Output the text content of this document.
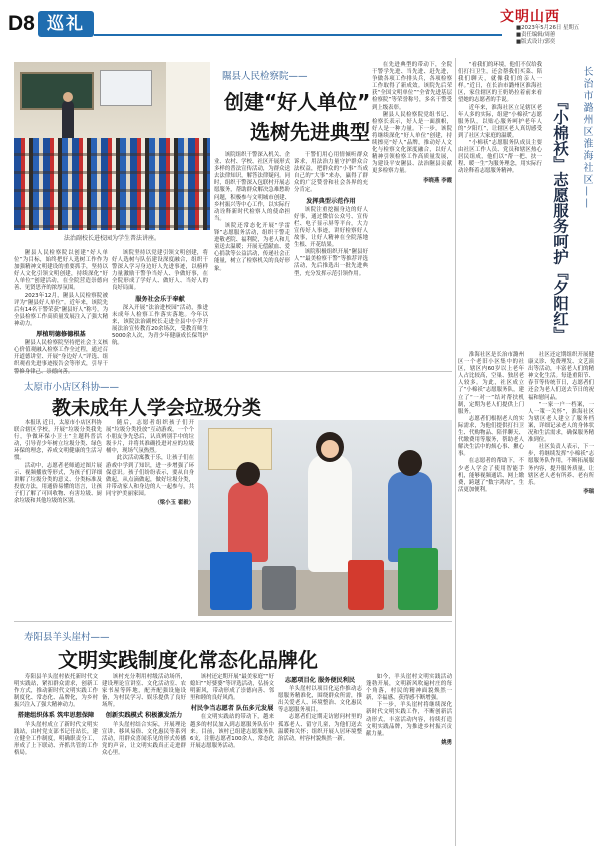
D8 巡礼	文明山西
■2023年5月26日 星期五
■责任编辑/周蕙
■版式设计/郭奕
法治副校长进校园为学生普法讲座。
隰县人民检察院——
创建“好人单位”
选树先进典型

隰县人民检察院以创建“好人单位”为目标，始终把好人选树工作作为加强精神文明建设的重要抓手，坚持以好人文化引领文明创建，持续深化“好人单位”创建活动，在全院营造崇德向善、见贤思齐的浓厚氛围。

2023年12月，隰县人民检察院被评为“隰县好人单位”。近年来，该院先后有14名干警荣获“隰县好人”称号，为全县检察工作高质量发展注入了强大精神动力。

厚植明德修德根基

隰县人民检察院坚持把社会主义核心价值观融入检察工作全过程，通过召开道德讲堂、开展“身边好人”评选、组织观看先进事迹报告会等形式，引导干警修身律己、崇德向善。

该院坚持以党建引领文明创建，将好人选树与队伍建设深度融合，组织干警深入学习身边好人先进事迹，以榜样力量激励干警争当好人、争做好事，在全院形成了学好人、做好人、当好人的良好局面。

服务社会乐于奉献

深入开展“法治进校园”活动，推进未成年人检察工作落实落地。今年以来，该院法治副校长走进全县中小学开展法治宣传教育20余场次，受教育师生5000余人次，为青少年健康成长保驾护航。

该院组织干警深入机关、企业、农村、学校、社区开展形式多样的普法宣传活动，为群众送去法律知识，解答法律疑问。同时，组织干警深入包联村开展志愿服务，帮助群众解决急难愁盼问题，积极参与文明城市创建、乡村振兴等中心工作，以实际行动诠释新时代检察人的使命担当。

该院还常态化开展“学雷锋”志愿服务活动，组织干警走进敬老院、福利院，为老人和儿童送去温暖；开展无偿献血、爱心捐款等公益活动，传递社会正能量，树立了检察机关的良好形象。

干警们用心用情倾听群众诉求，用法治力量守护群众合法权益，把群众的“小事”当成自己的“大事”来办，赢得了群众的广泛赞誉和社会各界的充分肯定。

发挥典型示范作用

该院注重挖掘身边的好人好事，通过微信公众号、宣传栏、电子显示屏等平台，大力宣传好人事迹，讲好检察好人故事，让好人精神在全院落地生根、开花结果。

该院积极组织开展“隰县好人”“最美检察干警”等推荐评选活动，先后推选出一批先进典型，充分发挥示范引领作用。

在先进典型的带动下，全院干警学先进、当先进、赶先进，争做各项工作排头兵，各项检察工作取得了新成效。该院先后荣获“全国文明单位”“全省先进基层检察院”等荣誉称号，多名干警受到上级表彰。

隰县人民检察院党组书记、检察长表示，好人是一面旗帜，好人是一种力量。下一步，该院将继续深化“好人单位”创建，持续擦亮“好人”品牌，推动好人文化与检察文化深度融合，以好人精神引领检察工作高质量发展，为建设平安隰县、法治隰县贡献更多检察力量。

李晓燕 李霞

太原市小店区科协——
教未成年人学会垃圾分类

本报讯 近日，太原市小店区科协联合辖区学校，开展“垃圾分类我先行，争做环保小卫士”主题科普活动，引导青少年树立垃圾分类、绿色环保的理念，养成文明健康的生活习惯。

活动中，志愿者老师通过图片展示、视频播放等形式，为孩子们详细讲解了垃圾分类的意义、分类标准及投放方法，用通俗易懂的语言，让孩子们了解了可回收物、有害垃圾、厨余垃圾和其他垃圾的区别。

随后，志愿者组织孩子们开展“垃圾分类投放”互动游戏，一个个小朋友争先恐后，认真辨别手中的垃圾卡片，并将其准确投进对应的垃圾桶中，现场气氛热烈。

此次活动寓教于乐，让孩子们在游戏中学到了知识，进一步增强了环保意识。孩子们纷纷表示，要从自身做起，从点滴做起，做好垃圾分类，并带动家人和身边的人一起参与，共同守护美丽家园。

（梁小玉 翟毅）

寿阳县羊头崖村——
文明实践制度化常态化品牌化

寿阳县羊头崖村依托新时代文明实践站，紧扣群众需求，创新工作方式，推动新时代文明实践工作制度化、常态化、品牌化，为乡村振兴注入了强大精神动力。

搭建组织体系 筑牢思想保障

羊头崖村成立了新时代文明实践站，由村党支部书记任站长，建立健全工作制度，明确职责分工，形成了上下联动、齐抓共管的工作格局。

该村充分利用村级活动场所，建设理论宣讲室、文化活动室、农家书屋等阵地，配齐配强设施设备，为村民学习、娱乐提供了良好场所。

创新实践模式 积极激发活力

羊头崖村结合实际，开展理论宣讲、移风易俗、文化惠民等系列活动，用群众喜闻乐见的形式传播党的声音，让文明实践真正走进群众心里。

该村还定期开展“最美家庭”“好媳妇”“好婆婆”等评选活动，弘扬文明新风，带动形成了崇德向善、邻里和睦的良好风尚。

村民争当志愿者 队伍多元发展

在文明实践站的带动下，越来越多的村民加入到志愿服务队伍中来。目前，该村已组建志愿服务队6支，注册志愿者100余人，常态化开展志愿服务活动。

志愿项目化 服务便民利民

羊头崖村以项目化运作推动志愿服务精准化，围绕群众所需，推出关爱老人、环境整治、文化惠民等志愿服务项目。

志愿者们定期走访慰问村里的孤寡老人、留守儿童，为他们送去温暖和关怀；组织开展人居环境整治活动，村容村貌焕然一新。

如今，羊头崖村文明实践活动蓬勃开展，文明新风吹遍村庄的每个角落，村民的精神面貌焕然一新，幸福感、获得感不断增强。

下一步，羊头崖村将继续深化新时代文明实践工作，不断创新活动形式，丰富活动内容，持续打造文明实践品牌，为推进乡村振兴贡献力量。

姚勇

长治市潞州区淮海社区——
『小棉袄』志愿服务呵护『夕阳红』

“看我们的环境，他们不仅给我们打扫卫生，还会帮我们买菜、陪我们聊天，就像我们的亲人一样。”近日，在长治市潞州区淮海社区，家住辖区的王奶奶拉着前来看望她的志愿者的手说。

近年来，淮海社区立足辖区老年人多的实际，组建“小棉袄”志愿服务队，以贴心服务呵护老年人的“夕阳红”，让辖区老人真切感受到了社区大家庭的温暖。

“小棉袄”志愿服务队成员主要由社区工作人员、党员和辖区热心居民组成，他们以“帮一把、扶一程、暖一生”为服务理念，用实际行动诠释着志愿服务精神。

淮海社区是长治市潞州区一个老旧小区集中的社区，辖区内60岁以上老年人占比较高，空巢、独居老人较多。为此，社区成立了“小棉袄”志愿服务队，建立了“一对一”结对帮扶机制，定期为老人们提供上门服务。

志愿者们根据老人的实际需求，为他们提供打扫卫生、代购物品、陪伴聊天、代缴费用等服务，帮助老人解决生活中的烦心事、揪心事。

在志愿者的帮助下，不少老人学会了使用智能手机，能够视频通话、网上缴费，跨越了“数字鸿沟”，生活更加便利。

社区还定期组织开展健康义诊、免费理发、文艺演出等活动，丰富老人们的精神文化生活。每逢重阳节、春节等传统节日，志愿者们还会为老人们送去节日的祝福和慰问品。

“一家一户一档案，一人一策一关怀”，淮海社区为辖区老人建立了服务档案，详细记录老人的身体状况和生活需求，确保服务精准到位。

社区负责人表示，下一步，将继续发挥“小棉袄”志愿服务队作用，不断拓展服务内容，提升服务质量，让辖区老人老有所养、老有所乐。

李瑞
